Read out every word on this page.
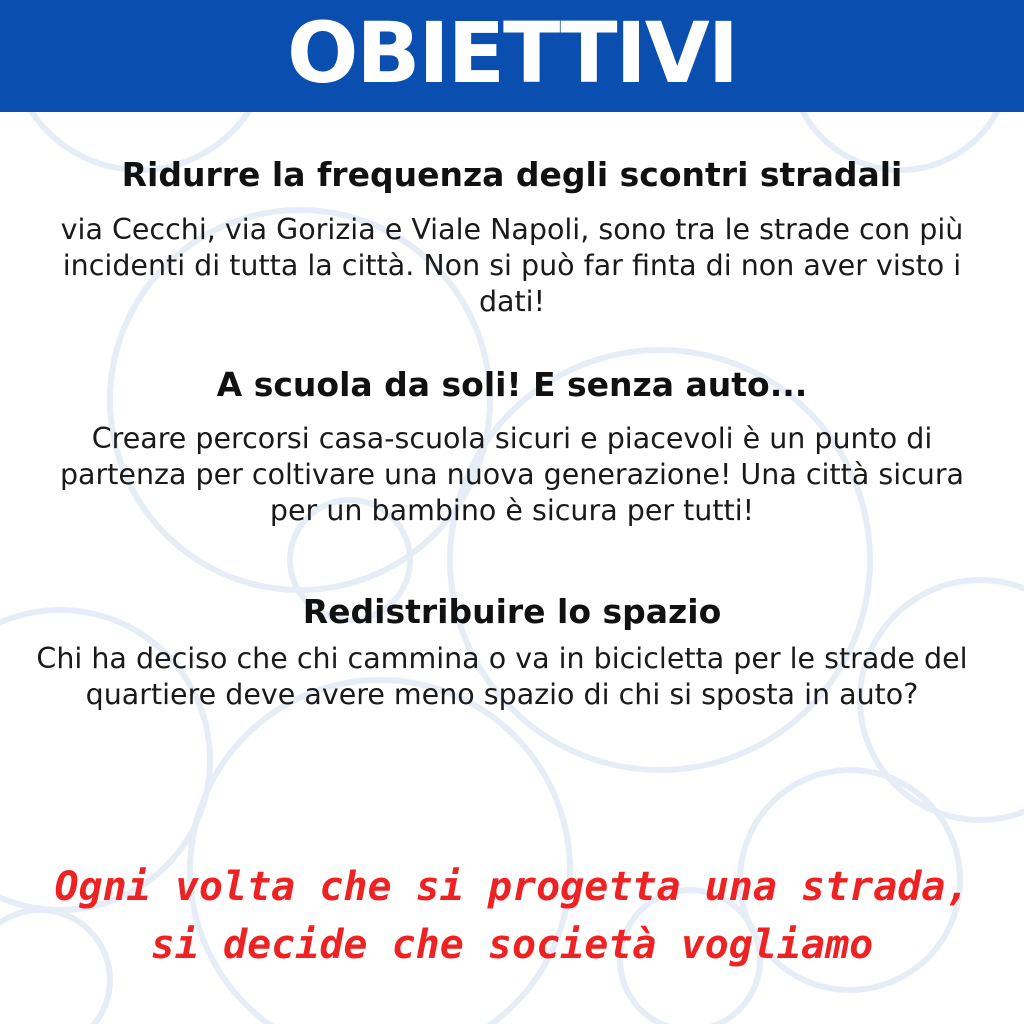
OBIETTIVI
Ridurre la frequenza degli scontri stradali
via Cecchi, via Gorizia e Viale Napoli, sono tra le strade con più incidenti di tutta la città. Non si può far finta di non aver visto i dati!
A scuola da soli! E senza auto...
Creare percorsi casa-scuola sicuri e piacevoli è un punto di partenza per coltivare una nuova generazione! Una città sicura per un bambino è sicura per tutti!
Redistribuire lo spazio
Chi ha deciso che chi cammina o va in bicicletta per le strade del quartiere deve avere meno spazio di chi si sposta in auto?
Ogni volta che si progetta una strada, si decide che società vogliamo
